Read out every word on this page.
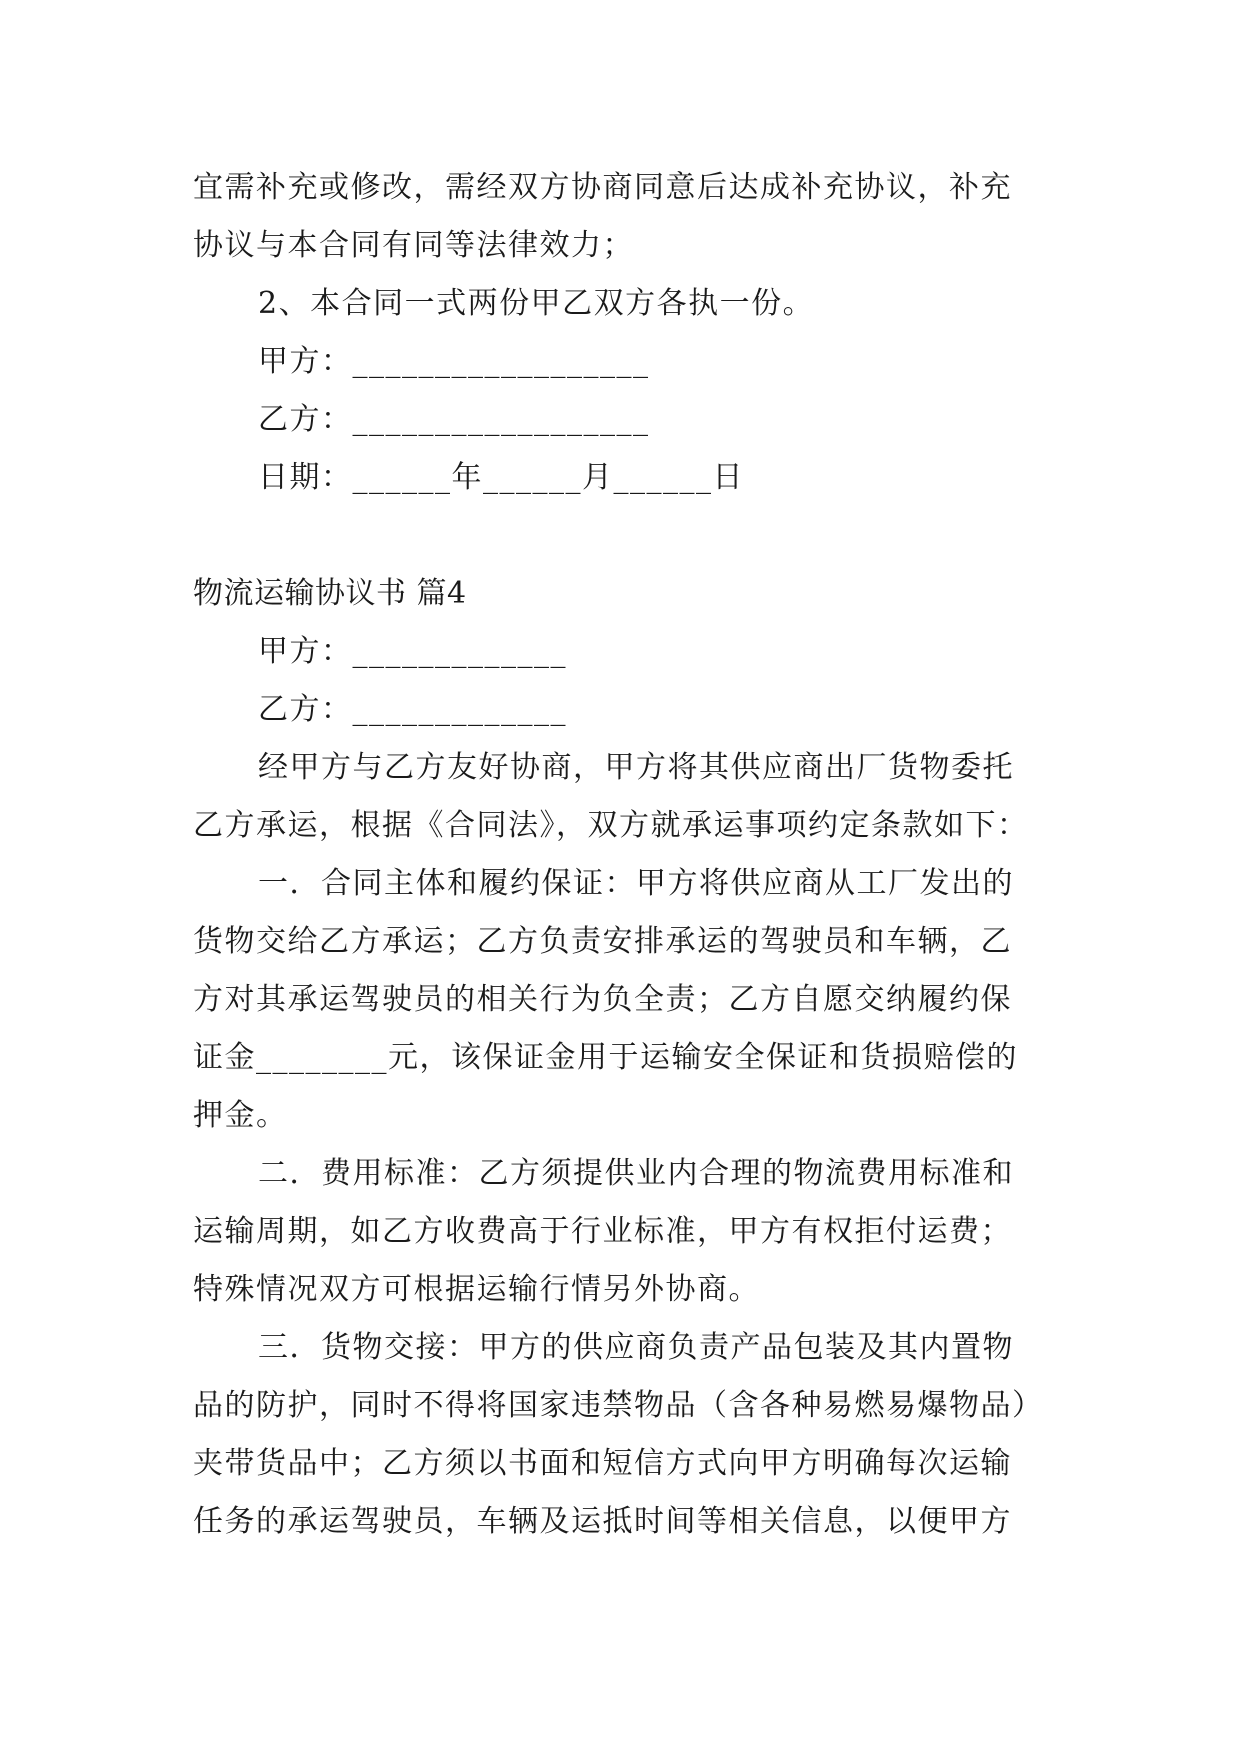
宜需补充或修改，需经双方协商同意后达成补充协议，补充
协议与本合同有同等法律效力；
2、本合同一式两份甲乙双方各执一份。
甲方：__________________
乙方：__________________
日期：______年______月______日
物流运输协议书 篇4
甲方：_____________
乙方：_____________
经甲方与乙方友好协商，甲方将其供应商出厂货物委托
乙方承运，根据《合同法》，双方就承运事项约定条款如下：
一．合同主体和履约保证：甲方将供应商从工厂发出的
货物交给乙方承运；乙方负责安排承运的驾驶员和车辆，乙
方对其承运驾驶员的相关行为负全责；乙方自愿交纳履约保
证金________元，该保证金用于运输安全保证和货损赔偿的
押金。
二．费用标准：乙方须提供业内合理的物流费用标准和
运输周期，如乙方收费高于行业标准，甲方有权拒付运费；
特殊情况双方可根据运输行情另外协商。
三．货物交接：甲方的供应商负责产品包装及其内置物
品的防护，同时不得将国家违禁物品（含各种易燃易爆物品）
夹带货品中；乙方须以书面和短信方式向甲方明确每次运输
任务的承运驾驶员，车辆及运抵时间等相关信息，以便甲方
